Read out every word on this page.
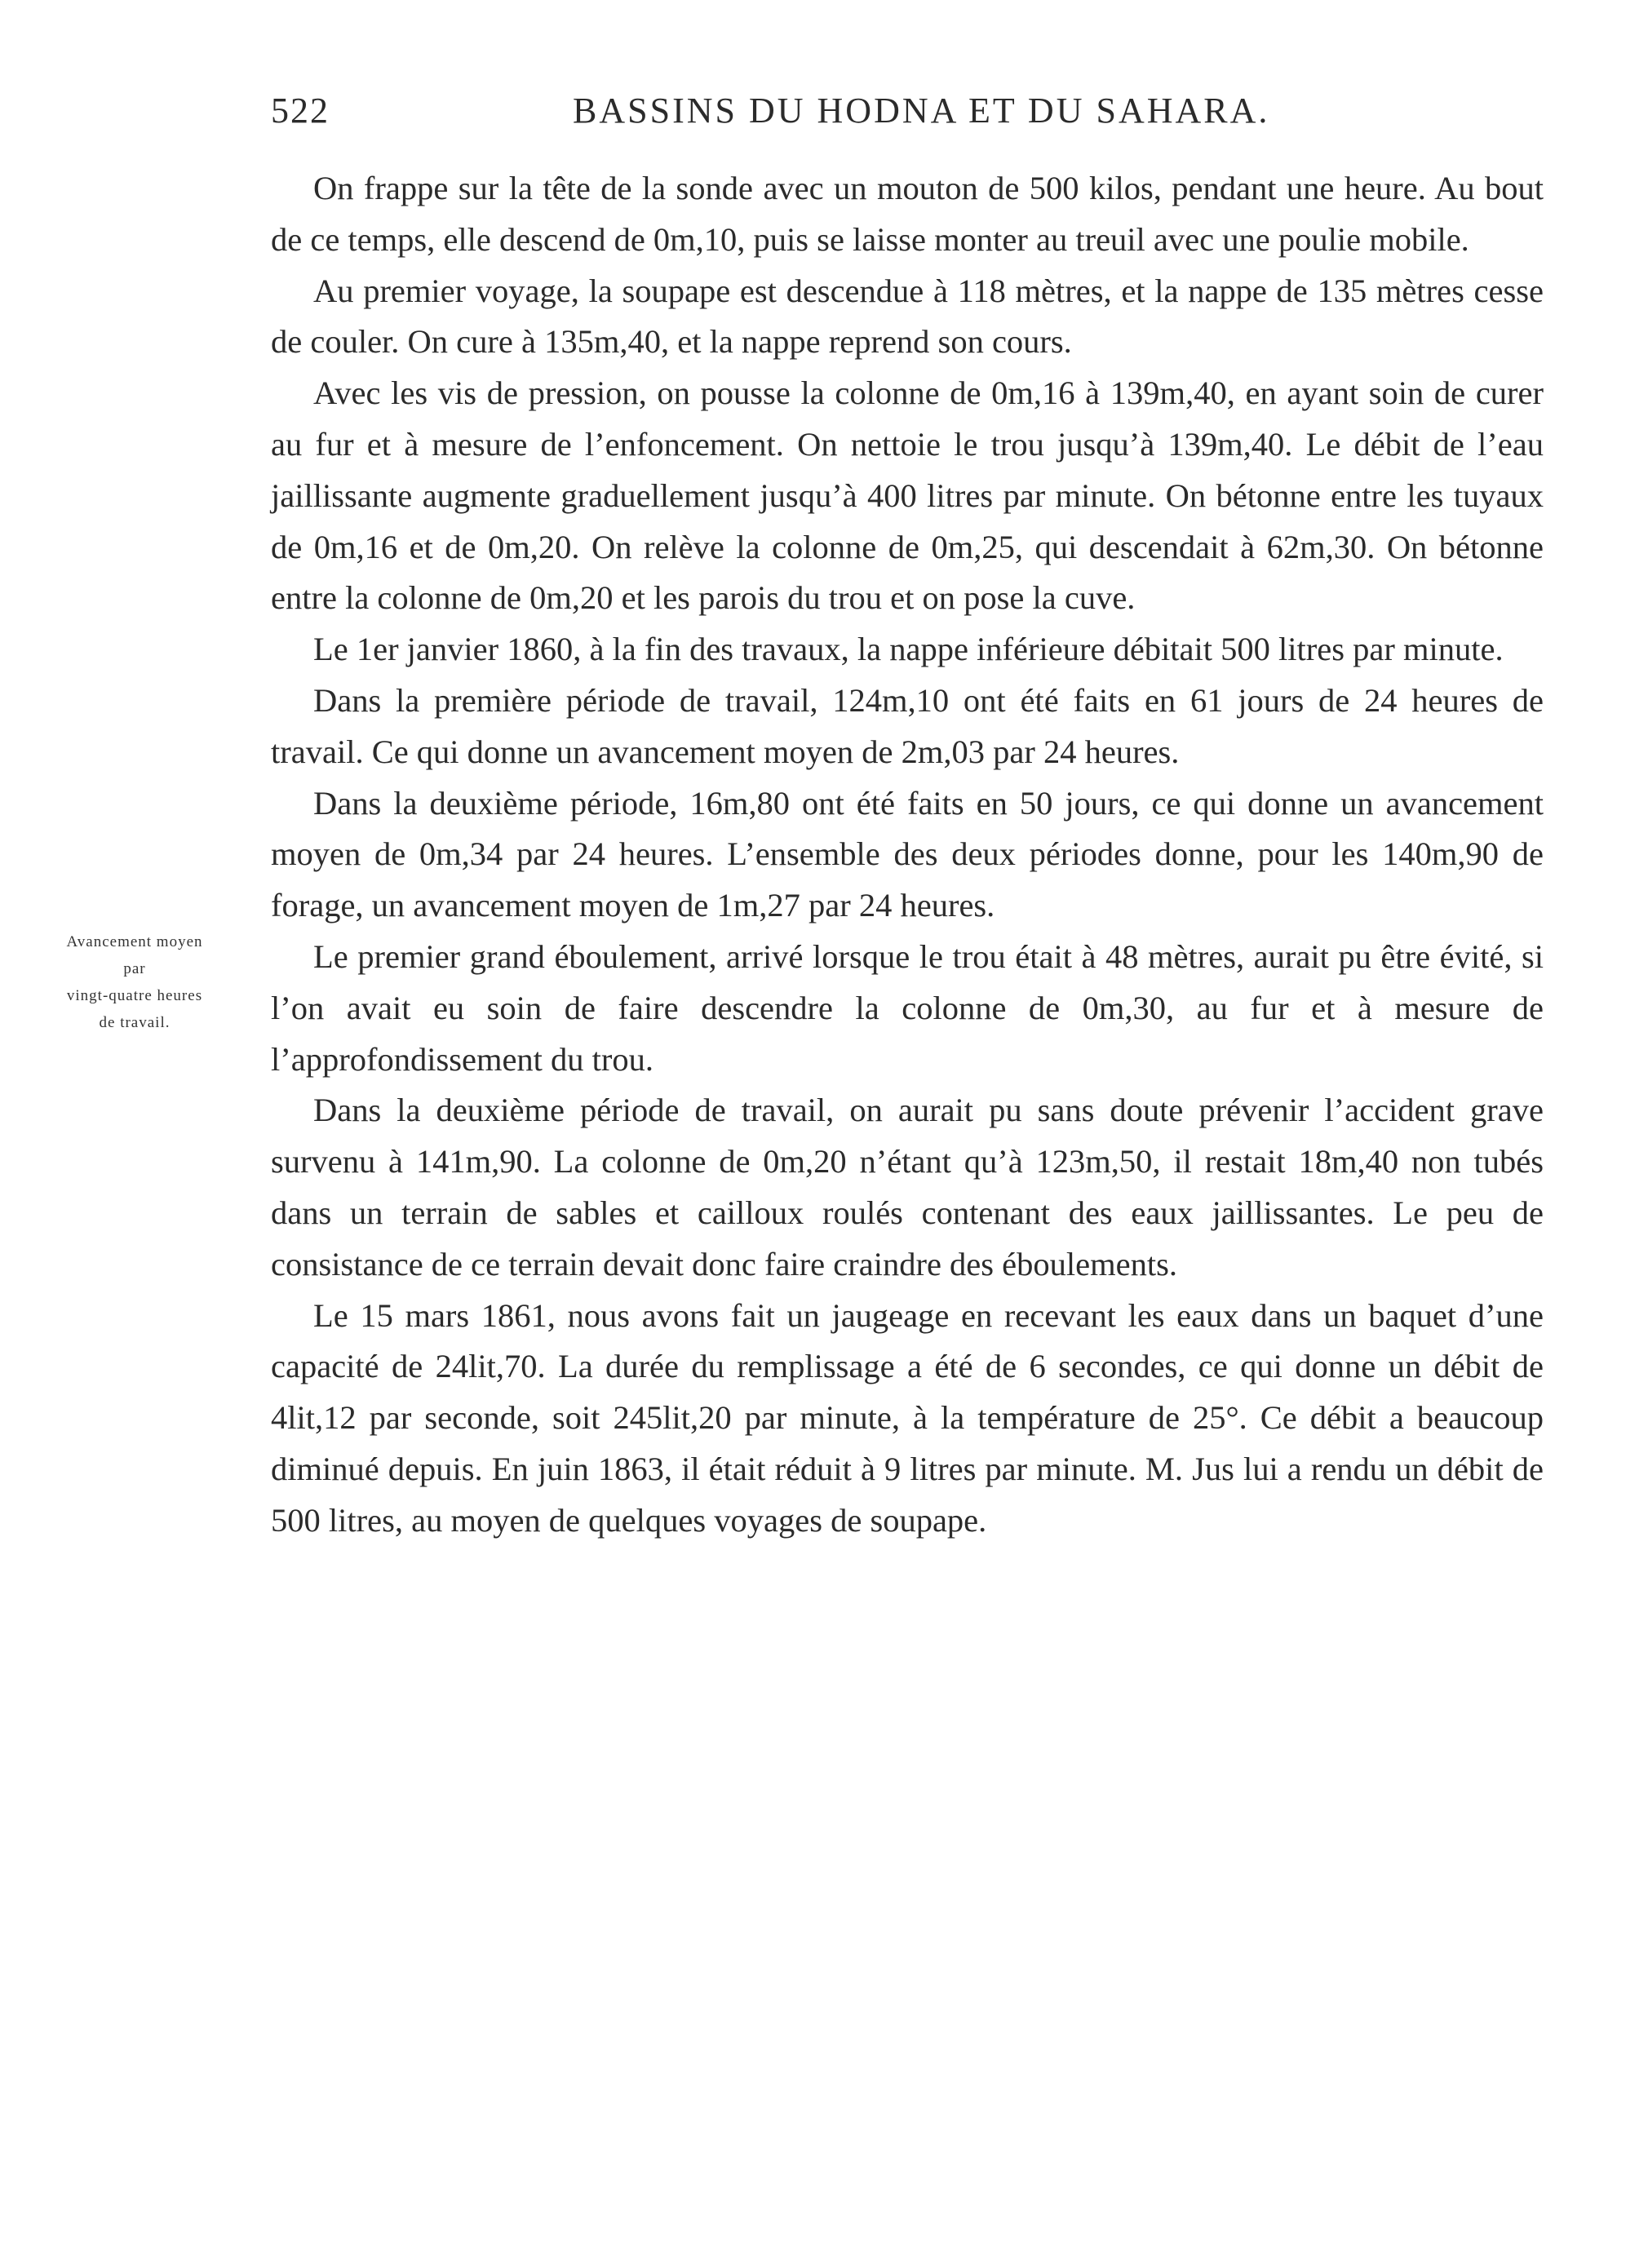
522	BASSINS DU HODNA ET DU SAHARA.
Avancement moyen
par
vingt-quatre heures
de travail.

On frappe sur la tête de la sonde avec un mouton de 500 kilos, pendant une heure. Au bout de ce temps, elle descend de 0m,10, puis se laisse monter au treuil avec une poulie mobile.

Au premier voyage, la soupape est descendue à 118 mètres, et la nappe de 135 mètres cesse de couler. On cure à 135m,40, et la nappe reprend son cours.

Avec les vis de pression, on pousse la colonne de 0m,16 à 139m,40, en ayant soin de curer au fur et à mesure de l’enfoncement. On nettoie le trou jusqu’à 139m,40. Le débit de l’eau jaillissante augmente graduellement jusqu’à 400 litres par minute. On bétonne entre les tuyaux de 0m,16 et de 0m,20. On relève la colonne de 0m,25, qui descendait à 62m,30. On bétonne entre la colonne de 0m,20 et les parois du trou et on pose la cuve.

Le 1er janvier 1860, à la fin des travaux, la nappe inférieure débitait 500 litres par minute.

Dans la première période de travail, 124m,10 ont été faits en 61 jours de 24 heures de travail. Ce qui donne un avancement moyen de 2m,03 par 24 heures.

Dans la deuxième période, 16m,80 ont été faits en 50 jours, ce qui donne un avancement moyen de 0m,34 par 24 heures. L’ensemble des deux périodes donne, pour les 140m,90 de forage, un avancement moyen de 1m,27 par 24 heures.

Le premier grand éboulement, arrivé lorsque le trou était à 48 mètres, aurait pu être évité, si l’on avait eu soin de faire descendre la colonne de 0m,30, au fur et à mesure de l’approfondissement du trou.

Dans la deuxième période de travail, on aurait pu sans doute prévenir l’accident grave survenu à 141m,90. La colonne de 0m,20 n’étant qu’à 123m,50, il restait 18m,40 non tubés dans un terrain de sables et cailloux roulés contenant des eaux jaillissantes. Le peu de consistance de ce terrain devait donc faire craindre des éboulements.

Le 15 mars 1861, nous avons fait un jaugeage en recevant les eaux dans un baquet d’une capacité de 24lit,70. La durée du remplissage a été de 6 secondes, ce qui donne un débit de 4lit,12 par seconde, soit 245lit,20 par minute, à la température de 25°. Ce débit a beaucoup diminué depuis. En juin 1863, il était réduit à 9 litres par minute. M. Jus lui a rendu un débit de 500 litres, au moyen de quelques voyages de soupape.
